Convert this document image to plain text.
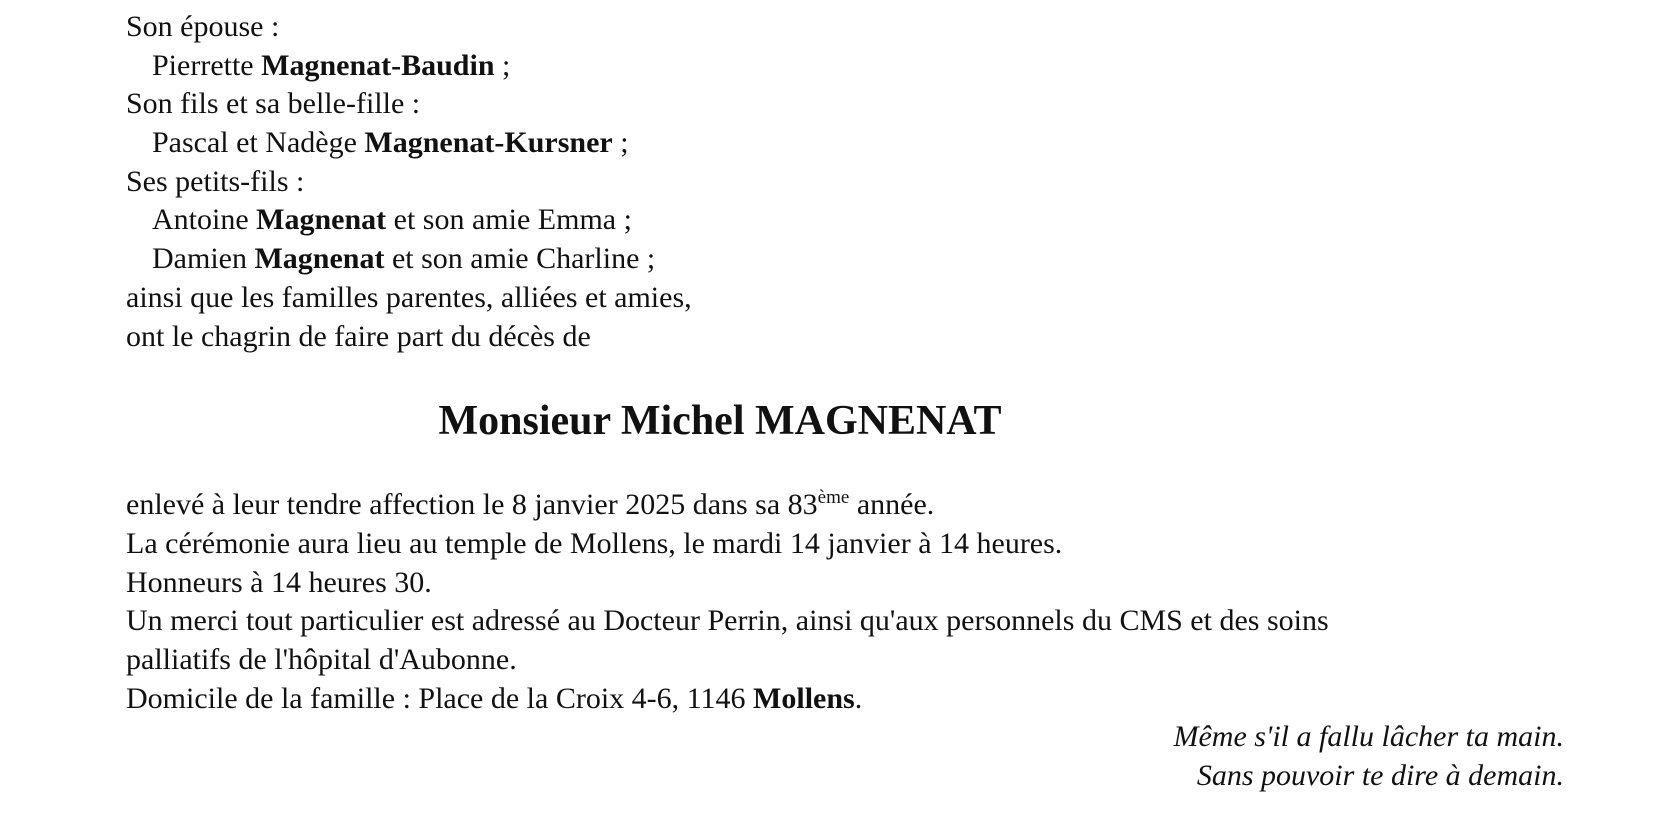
Son épouse :
Pierrette Magnenat-Baudin ;
Son fils et sa belle-fille :
Pascal et Nadège Magnenat-Kursner ;
Ses petits-fils :
Antoine Magnenat et son amie Emma ;
Damien Magnenat et son amie Charline ;
ainsi que les familles parentes, alliées et amies,
ont le chagrin de faire part du décès de
Monsieur Michel MAGNENAT
enlevé à leur tendre affection le 8 janvier 2025 dans sa 83ème année.
La cérémonie aura lieu au temple de Mollens, le mardi 14 janvier à 14 heures.
Honneurs à 14 heures 30.
Un merci tout particulier est adressé au Docteur Perrin, ainsi qu'aux personnels du CMS et des soins
palliatifs de l'hôpital d'Aubonne.
Domicile de la famille : Place de la Croix 4-6, 1146 Mollens.
Même s'il a fallu lâcher ta main.
Sans pouvoir te dire à demain.
